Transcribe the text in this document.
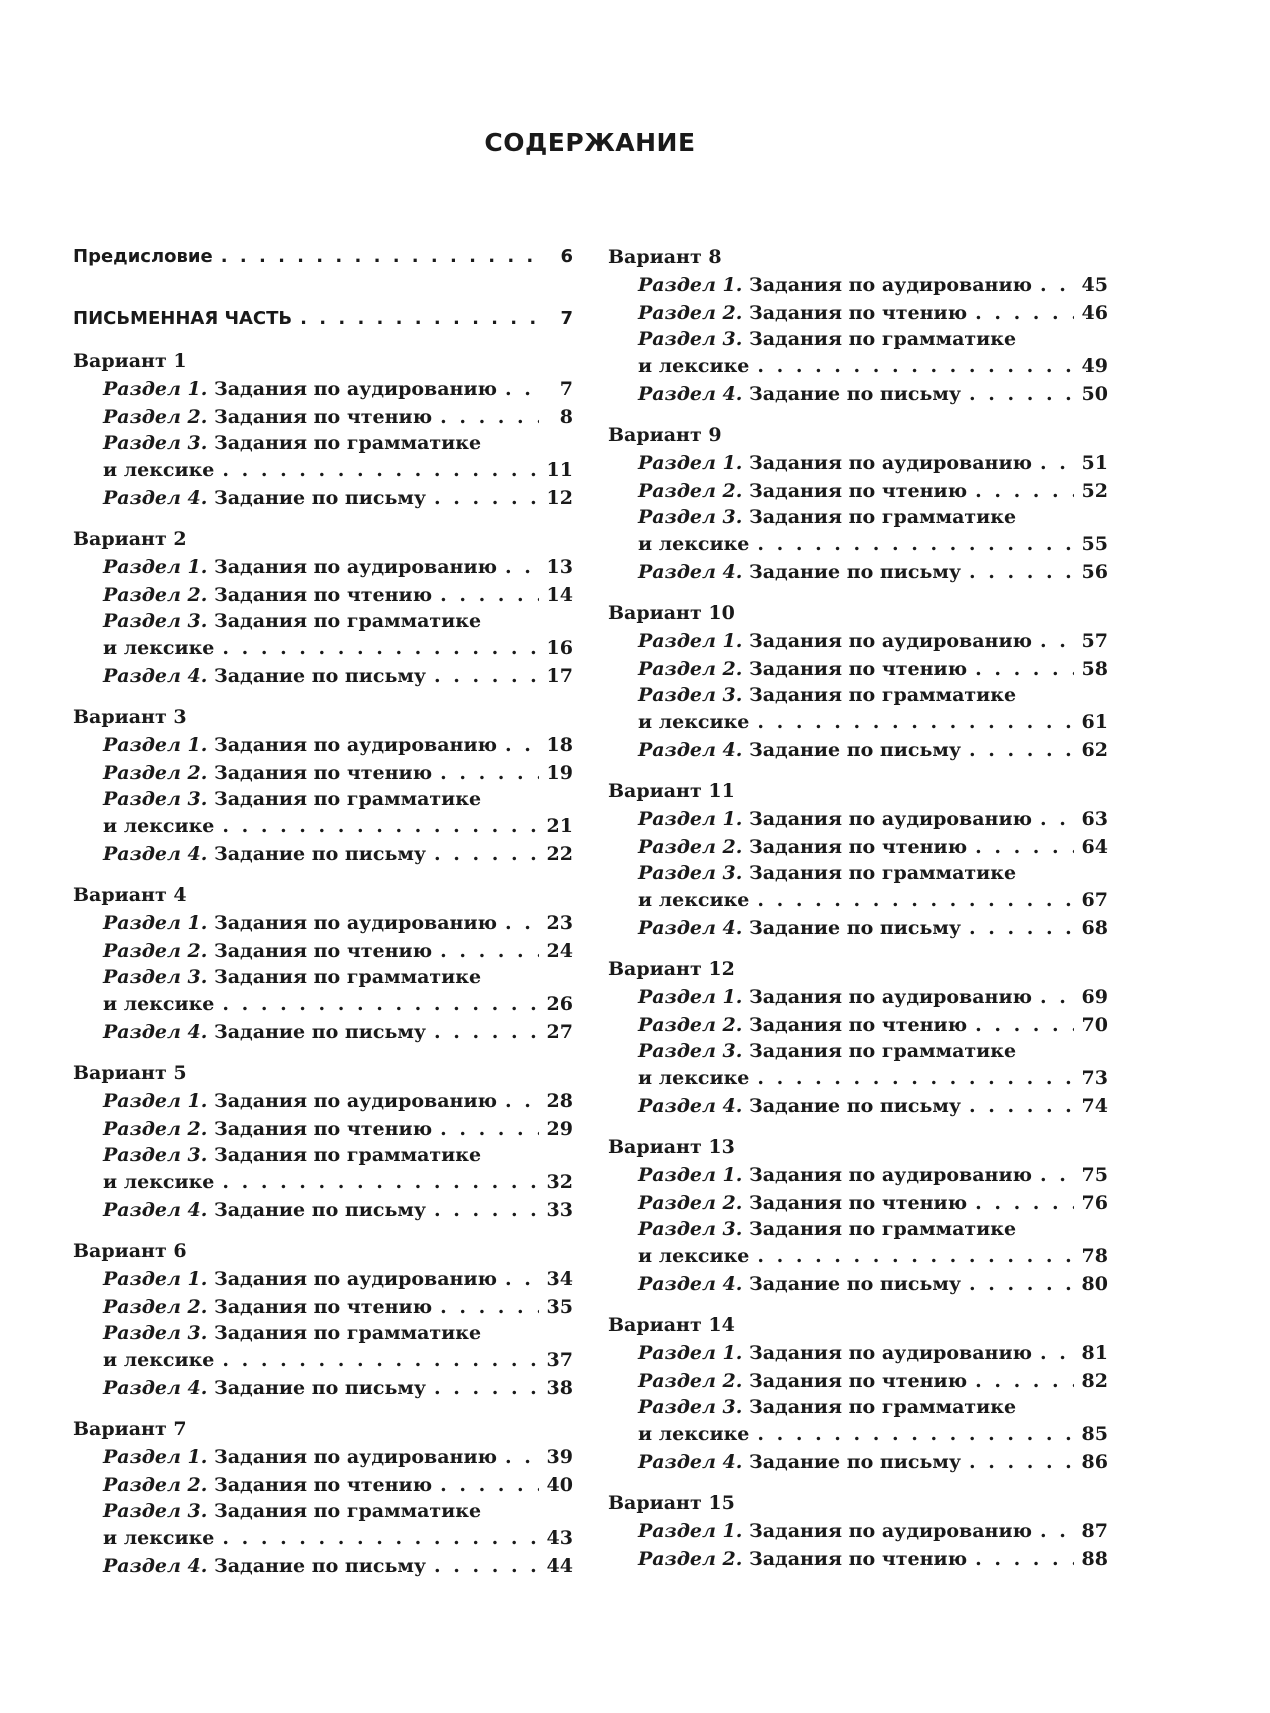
СОДЕРЖАНИЕ
Предисловие . . .	6
ПИСЬМЕННАЯ ЧАСТЬ . . .	7
Вариант 1
Раздел 1. Задания по аудированию . . .	7
Раздел 2. Задания по чтению . . .	8
Раздел 3. Задания по грамматике
и лексике . . .	11
Раздел 4. Задание по письму . . .	12
Вариант 2
Раздел 1. Задания по аудированию . . .	13
Раздел 2. Задания по чтению . . .	14
Раздел 3. Задания по грамматике
и лексике . . .	16
Раздел 4. Задание по письму . . .	17
Вариант 3
Раздел 1. Задания по аудированию . . .	18
Раздел 2. Задания по чтению . . .	19
Раздел 3. Задания по грамматике
и лексике . . .	21
Раздел 4. Задание по письму . . .	22
Вариант 4
Раздел 1. Задания по аудированию . . .	23
Раздел 2. Задания по чтению . . .	24
Раздел 3. Задания по грамматике
и лексике . . .	26
Раздел 4. Задание по письму . . .	27
Вариант 5
Раздел 1. Задания по аудированию . . .	28
Раздел 2. Задания по чтению . . .	29
Раздел 3. Задания по грамматике
и лексике . . .	32
Раздел 4. Задание по письму . . .	33
Вариант 6
Раздел 1. Задания по аудированию . . .	34
Раздел 2. Задания по чтению . . .	35
Раздел 3. Задания по грамматике
и лексике . . .	37
Раздел 4. Задание по письму . . .	38
Вариант 7
Раздел 1. Задания по аудированию . . .	39
Раздел 2. Задания по чтению . . .	40
Раздел 3. Задания по грамматике
и лексике . . .	43
Раздел 4. Задание по письму . . .	44
Вариант 8
Раздел 1. Задания по аудированию . . .	45
Раздел 2. Задания по чтению . . .	46
Раздел 3. Задания по грамматике
и лексике . . .	49
Раздел 4. Задание по письму . . .	50
Вариант 9
Раздел 1. Задания по аудированию . . .	51
Раздел 2. Задания по чтению . . .	52
Раздел 3. Задания по грамматике
и лексике . . .	55
Раздел 4. Задание по письму . . .	56
Вариант 10
Раздел 1. Задания по аудированию . . .	57
Раздел 2. Задания по чтению . . .	58
Раздел 3. Задания по грамматике
и лексике . . .	61
Раздел 4. Задание по письму . . .	62
Вариант 11
Раздел 1. Задания по аудированию . . .	63
Раздел 2. Задания по чтению . . .	64
Раздел 3. Задания по грамматике
и лексике . . .	67
Раздел 4. Задание по письму . . .	68
Вариант 12
Раздел 1. Задания по аудированию . . .	69
Раздел 2. Задания по чтению . . .	70
Раздел 3. Задания по грамматике
и лексике . . .	73
Раздел 4. Задание по письму . . .	74
Вариант 13
Раздел 1. Задания по аудированию . . .	75
Раздел 2. Задания по чтению . . .	76
Раздел 3. Задания по грамматике
и лексике . . .	78
Раздел 4. Задание по письму . . .	80
Вариант 14
Раздел 1. Задания по аудированию . . .	81
Раздел 2. Задания по чтению . . .	82
Раздел 3. Задания по грамматике
и лексике . . .	85
Раздел 4. Задание по письму . . .	86
Вариант 15
Раздел 1. Задания по аудированию . . .	87
Раздел 2. Задания по чтению . . .	88
